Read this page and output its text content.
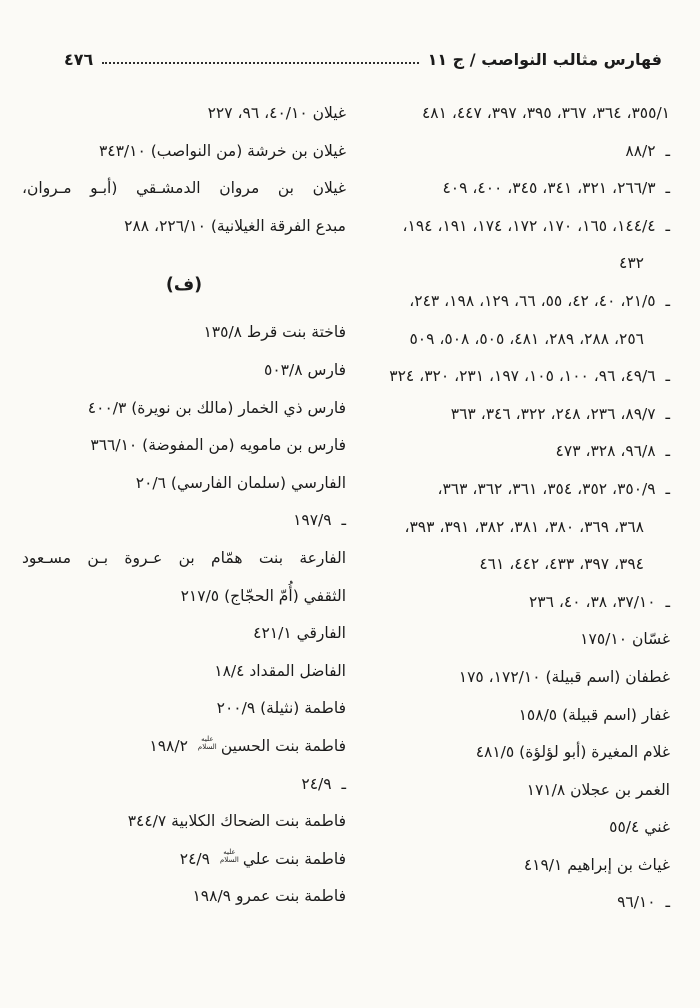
فهارس مثالب النواصب / ج ١١
٤٧٦
٣٥٥/١، ٣٦٤، ٣٦٧، ٣٩٥، ٣٩٧، ٤٤٧، ٤٨١
ـ  ٨٨/٢
ـ  ٢٦٦/٣، ٣٢١، ٣٤١، ٣٤٥، ٤٠٠، ٤٠٩
ـ  ١٤٤/٤، ١٦٥، ١٧٠، ١٧٢، ١٧٤، ١٩١، ١٩٤،
٤٣٢
ـ  ٢١/٥، ٤٠، ٤٢، ٥٥، ٦٦، ١٢٩، ١٩٨، ٢٤٣،
٢٥٦، ٢٨٨، ٢٨٩، ٤٨١، ٥٠٥، ٥٠٨، ٥٠٩
ـ  ٤٩/٦، ٩٦، ١٠٠، ١٠٥، ١٩٧، ٢٣١، ٣٢٠، ٣٢٤
ـ  ٨٩/٧، ٢٣٦، ٢٤٨، ٣٢٢، ٣٤٦، ٣٦٣
ـ  ٩٦/٨، ٣٢٨، ٤٧٣
ـ  ٣٥٠/٩، ٣٥٢، ٣٥٤، ٣٦١، ٣٦٢، ٣٦٣،
٣٦٨، ٣٦٩، ٣٨٠، ٣٨١، ٣٨٢، ٣٩١، ٣٩٣،
٣٩٤، ٣٩٧، ٤٣٣، ٤٤٢، ٤٦١
ـ  ٣٧/١٠، ٣٨، ٤٠، ٢٣٦
غسّان ١٧٥/١٠
غطفان (اسم قبيلة) ١٧٢/١٠، ١٧٥
غفار (اسم قبيلة) ١٥٨/٥
غلام المغيرة (أبو لؤلؤة) ٤٨١/٥
الغمر بن عجلان ١٧١/٨
غني ٥٥/٤
غياث بن إبراهيم ٤١٩/١
ـ  ٩٦/١٠
غيلان ٤٠/١٠، ٩٦، ٢٢٧
غيلان بن خرشة (من النواصب) ٣٤٣/١٠
غيلان بن مروان الدمشـقي (أبـو مـروان،
مبدع الفرقة الغيلانية) ٢٢٦/١٠، ٢٨٨
(ف)
فاختة بنت قرط ١٣٥/٨
فارس ٥٠٣/٨
فارس ذي الخمار (مالك بن نويرة) ٤٠٠/٣
فارس بن مامويه (من المفوضة) ٣٦٦/١٠
الفارسي (سلمان الفارسي) ٢٠/٦
ـ  ١٩٧/٩
الفارعة بنت همّام بن عـروة بـن مسـعود
الثقفي (أُمّ الحجّاج) ٢١٧/٥
الفارقي ٤٢١/١
الفاضل المقداد ١٨/٤
فاطمة (نثيلة) ٢٠٠/٩
فاطمة بنت الحسينعليه السلام ١٩٨/٢
ـ  ٢٤/٩
فاطمة بنت الضحاك الكلابية ٣٤٤/٧
فاطمة بنت عليعليه السلام ٢٤/٩
فاطمة بنت عمرو ١٩٨/٩
